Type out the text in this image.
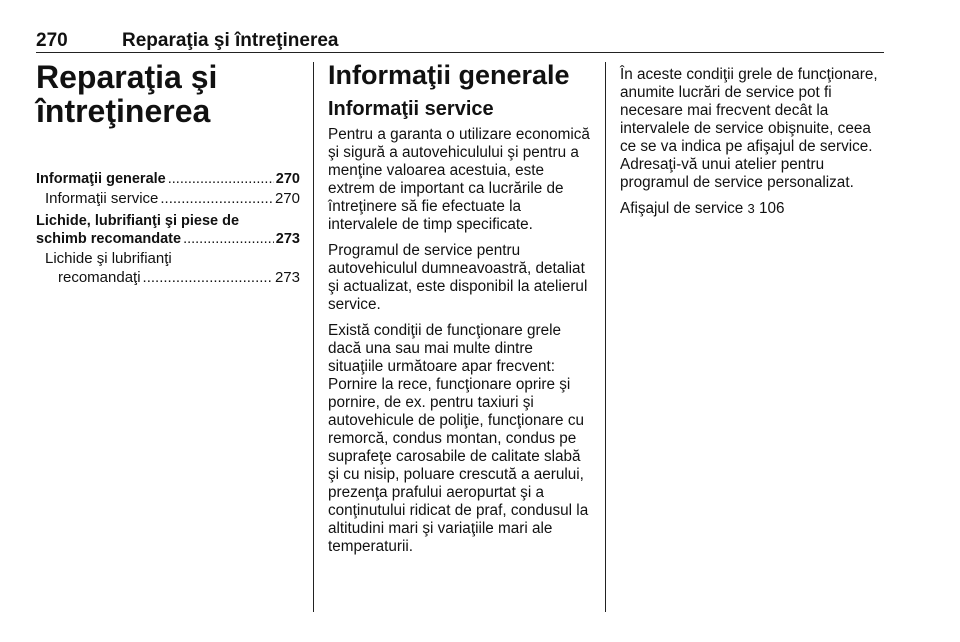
270	Reparaţia şi întreţinerea
Reparaţia şi
întreţinerea
Informaţii generale .....	270
Informaţii service .....	270
Lichide, lubrifianţi şi piese de
schimb recomandate .....	273
Lichide şi lubrifianţi
recomandaţi .....	273
Informaţii generale
Informaţii service

Pentru a garanta o utilizare economică şi sigură a autovehiculului şi pentru a menţine valoarea acestuia, este extrem de important ca lucrările de întreţinere să fie efectuate la intervalele de timp specificate.

Programul de service pentru autovehiculul dumneavoastră, detaliat şi actualizat, este disponibil la atelierul service.

Există condiţii de funcţionare grele dacă una sau mai multe dintre situaţiile următoare apar frecvent: Pornire la rece, funcţionare oprire şi pornire, de ex. pentru taxiuri şi autovehicule de poliţie, funcţionare cu remorcă, condus montan, condus pe suprafeţe carosabile de calitate slabă şi cu nisip, poluare crescută a aerului, prezenţa prafului aeropurtat şi a conţinutului ridicat de praf, condusul la altitudini mari şi variaţiile mari ale temperaturii.

În aceste condiţii grele de funcţionare, anumite lucrări de service pot fi necesare mai frecvent decât la intervalele de service obişnuite, ceea ce se va indica pe afişajul de service. Adresaţi-vă unui atelier pentru programul de service personalizat.

Afişajul de service 3 106
